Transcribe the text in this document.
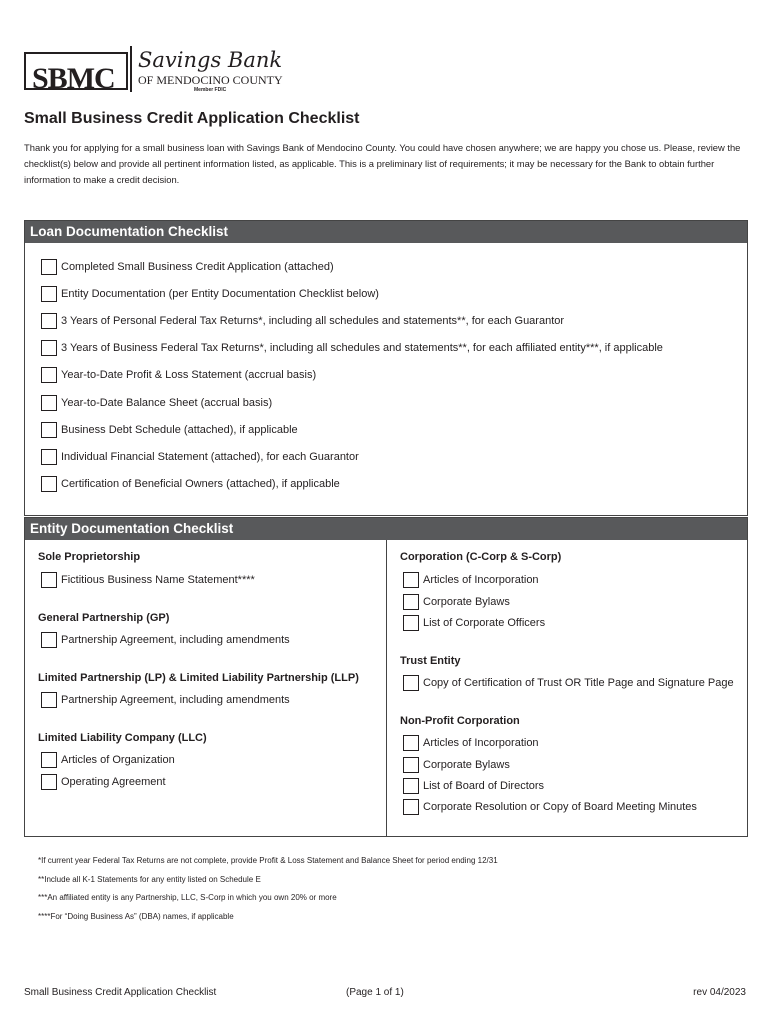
SBMC
Savings Bank
OF MENDOCINO COUNTY
Member FDIC
Small Business Credit Application Checklist
Thank you for applying for a small business loan with Savings Bank of Mendocino County. You could have chosen anywhere; we are happy you chose us. Please, review the checklist(s) below and provide all pertinent information listed, as applicable. This is a preliminary list of requirements; it may be necessary for the Bank to obtain further information to make a credit decision.
Loan Documentation Checklist
Completed Small Business Credit Application (attached)
Entity Documentation (per Entity Documentation Checklist below)
3 Years of Personal Federal Tax Returns*, including all schedules and statements**, for each Guarantor
3 Years of Business Federal Tax Returns*, including all schedules and statements**, for each affiliated entity***, if applicable
Year-to-Date Profit & Loss Statement (accrual basis)
Year-to-Date Balance Sheet (accrual basis)
Business Debt Schedule (attached), if applicable
Individual Financial Statement (attached), for each Guarantor
Certification of Beneficial Owners (attached), if applicable
Entity Documentation Checklist
Sole Proprietorship
Fictitious Business Name Statement****
General Partnership (GP)
Partnership Agreement, including amendments
Limited Partnership (LP) & Limited Liability Partnership (LLP)
Partnership Agreement, including amendments
Limited Liability Company (LLC)
Articles of Organization
Operating Agreement
Corporation (C-Corp & S-Corp)
Articles of Incorporation
Corporate Bylaws
List of Corporate Officers
Trust Entity
Copy of Certification of Trust OR Title Page and Signature Page
Non-Profit Corporation
Articles of Incorporation
Corporate Bylaws
List of Board of Directors
Corporate Resolution or Copy of Board Meeting Minutes
*If current year Federal Tax Returns are not complete, provide Profit & Loss Statement and Balance Sheet for period ending 12/31
**Include all K-1 Statements for any entity listed on Schedule E
***An affiliated entity is any Partnership, LLC, S-Corp in which you own 20% or more
****For “Doing Business As” (DBA) names, if applicable
Small Business Credit Application Checklist	(Page 1 of 1)	rev 04/2023
